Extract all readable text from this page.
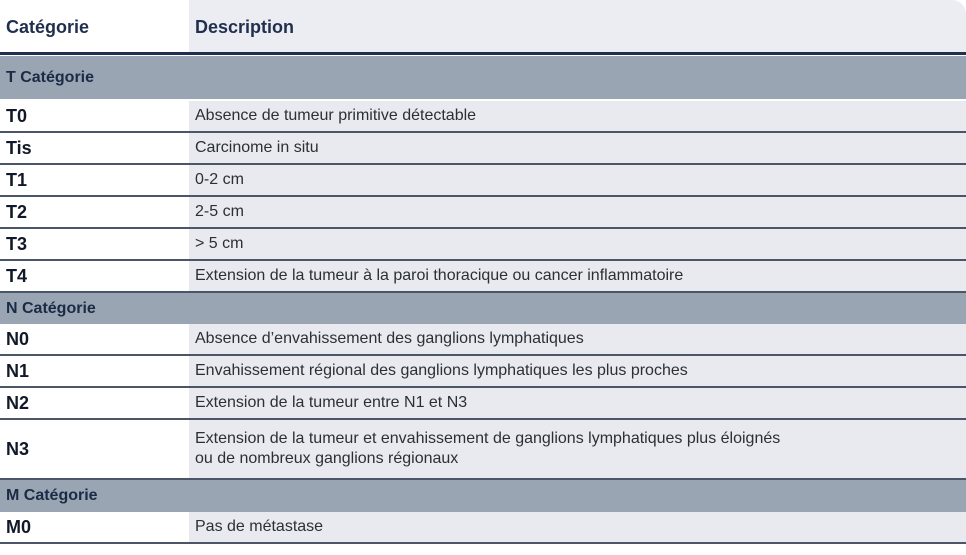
Catégorie	Description
T Catégorie
T0	Absence de tumeur primitive détectable
Tis	Carcinome in situ
T1	0-2 cm
T2	2-5 cm
T3	> 5 cm
T4	Extension de la tumeur à la paroi thoracique ou cancer inflammatoire
N Catégorie
N0	Absence d’envahissement des ganglions lymphatiques
N1	Envahissement régional des ganglions lymphatiques les plus proches
N2	Extension de la tumeur entre N1 et N3
N3	Extension de la tumeur et envahissement de ganglions lymphatiques plus éloignés
ou de nombreux ganglions régionaux
M Catégorie
M0	Pas de métastase
